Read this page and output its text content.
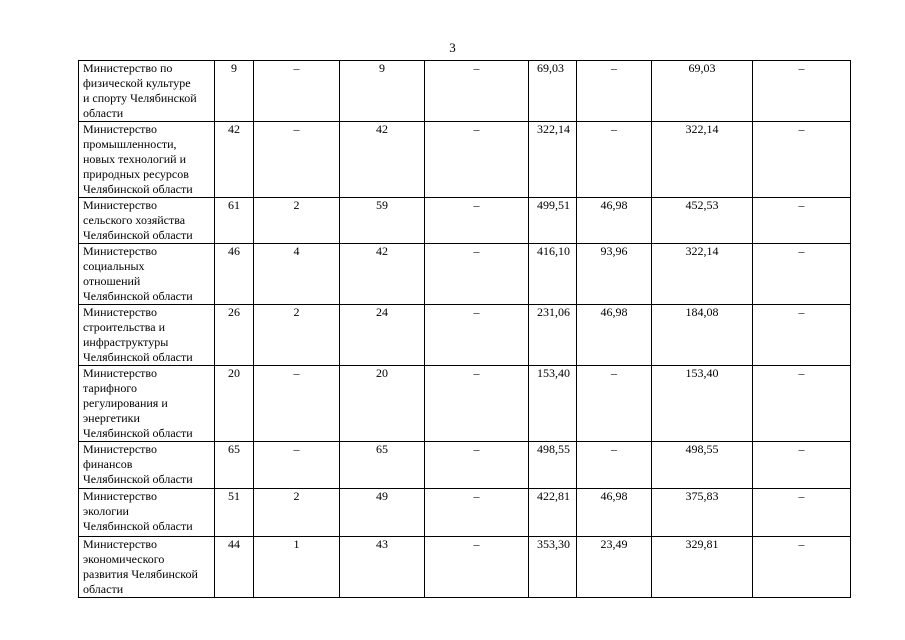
3
Министерство по
физической культуре
и спорту Челябинской
области	9	–	9	–	69,03	–	69,03	–
Министерство
промышленности,
новых технологий и
природных ресурсов
Челябинской области	42	–	42	–	322,14	–	322,14	–
Министерство
сельского хозяйства
Челябинской области	61	2	59	–	499,51	46,98	452,53	–
Министерство
социальных
отношений
Челябинской области	46	4	42	–	416,10	93,96	322,14	–
Министерство
строительства и
инфраструктуры
Челябинской области	26	2	24	–	231,06	46,98	184,08	–
Министерство
тарифного
регулирования и
энергетики
Челябинской области	20	–	20	–	153,40	–	153,40	–
Министерство
финансов
Челябинской области	65	–	65	–	498,55	–	498,55	–
Министерство
экологии
Челябинской области	51	2	49	–	422,81	46,98	375,83	–
Министерство
экономического
развития Челябинской
области	44	1	43	–	353,30	23,49	329,81	–
